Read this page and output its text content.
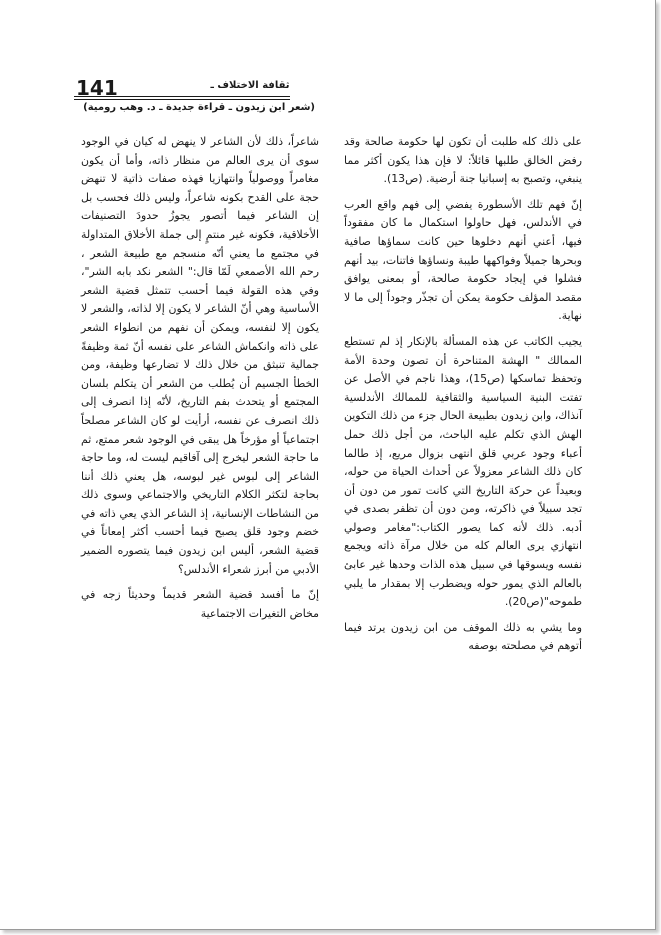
141	ثقافة الاختلاف ـ
(شعر ابن زيدون ـ قراءة جديدة ـ د. وهب رومية)

على ذلك كله طلبت أن تكون لها حكومة صالحة وقد رفض الخالق طلبها قائلاً: لا فإن هذا يكون أكثر مما ينبغي، وتصبح به إسبانيا جنة أرضية. (ص13).

إنّ فهم تلك الأسطورة يفضي إلى فهم واقع العرب في الأندلس، فهل حاولوا استكمال ما كان مفقوداً فيها، أعني أنهم دخلوها حين كانت سماؤها صافية وبحرها جميلاً وفواكهها طيبة ونساؤها فاتنات، بيد أنهم فشلوا في إيجاد حكومة صالحة، أو بمعنى يوافق مقصد المؤلف حكومة يمكن أن تجذّر وجوداً إلى ما لا نهاية.

يجيب الكاتب عن هذه المسألة بالإنكار إذ لم تستطع الممالك " الهشة المتناحرة أن تصون وحدة الأمة وتحفظ تماسكها (ص15)، وهذا ناجم في الأصل عن تفتت البنية السياسية والثقافية للممالك الأندلسية آنذاك، وابن زيدون بطبيعة الحال جزء من ذلك التكوين الهش الذي تكلم عليه الباحث، من أجل ذلك حمل أعباء وجود عربي قلق انتهى بزوال مريع، إذ طالما كان ذلك الشاعر معزولاً عن أحداث الحياة من حوله، وبعيداً عن حركة التاريخ التي كانت تمور من دون أن تجد سبيلاً في ذاكرته، ومن دون أن تظفر بصدى في أدبه. ذلك لأنه كما يصور الكتاب:"مغامر وصولي انتهازي يرى العالم كله من خلال مرآة ذاته ويجمع نفسه ويسوقها في سبيل هذه الذات وحدها غير عابئ بالعالم الذي يمور حوله ويضطرب إلا بمقدار ما يلبي طموحه"(ص20).

وما يشي به ذلك الموقف من ابن زيدون يرتد فيما أتوهم في مصلحته بوصفه

شاعراً، ذلك لأن الشاعر لا ينهض له كيان في الوجود سوى أن يرى العالم من منظار ذاته، وأما أن يكون مغامراً ووصولياً وانتهازيا فهذه صفات ذاتية لا تنهض حجة على القدح بكونه شاعراً، وليس ذلك فحسب بل إن الشاعر فيما أتصور يجوزُ حدودَ التصنيفات الأخلاقية، فكونه غير منتمٍ إلى جملة الأخلاق المتداولة في مجتمع ما يعني أنّه منسجم مع طبيعة الشعر ، رحم الله الأصمعي لَمّا قال:" الشعر نكد بابه الشر"، وفي هذه القولة فيما أحسب تتمثل قضية الشعر الأساسية وهي أنّ الشاعر لا يكون إلا لذاته، والشعر لا يكون إلا لنفسه، ويمكن أن نفهم من انطواء الشعر على ذاته وانكماش الشاعر على نفسه أنّ ثمة وظيفةً جمالية تنبثق من خلال ذلك لا تضارعها وظيفة، ومن الخطأ الجسيم أن يُطلب من الشعر أن يتكلم بلسان المجتمع أو يتحدث بفم التاريخ، لأنّه إذا انصرف إلى ذلك انصرف عن نفسه، أرأيت لو كان الشاعر مصلحاً اجتماعياً أو مؤرخاً هل يبقى في الوجود شعر ممتع، ثم ما حاجة الشعر ليخرج إلى آفاقيم ليست له، وما حاجة الشاعر إلى لبوس غير لبوسه، هل يعني ذلك أننا بحاجة لتكثر الكلام التاريخي والاجتماعي وسوى ذلك من النشاطات الإنسانية، إذ الشاعر الذي يعي ذاته في خضم وجود قلق يصبح فيما أحسب أكثر إمعاناً في قضية الشعر، أليس ابن زيدون فيما يتصوره الضمير الأدبي من أبرز شعراء الأندلس؟

إنّ ما أفسد قضية الشعر قديماً وحديثاً زجه في مخاض التغيرات الاجتماعية
